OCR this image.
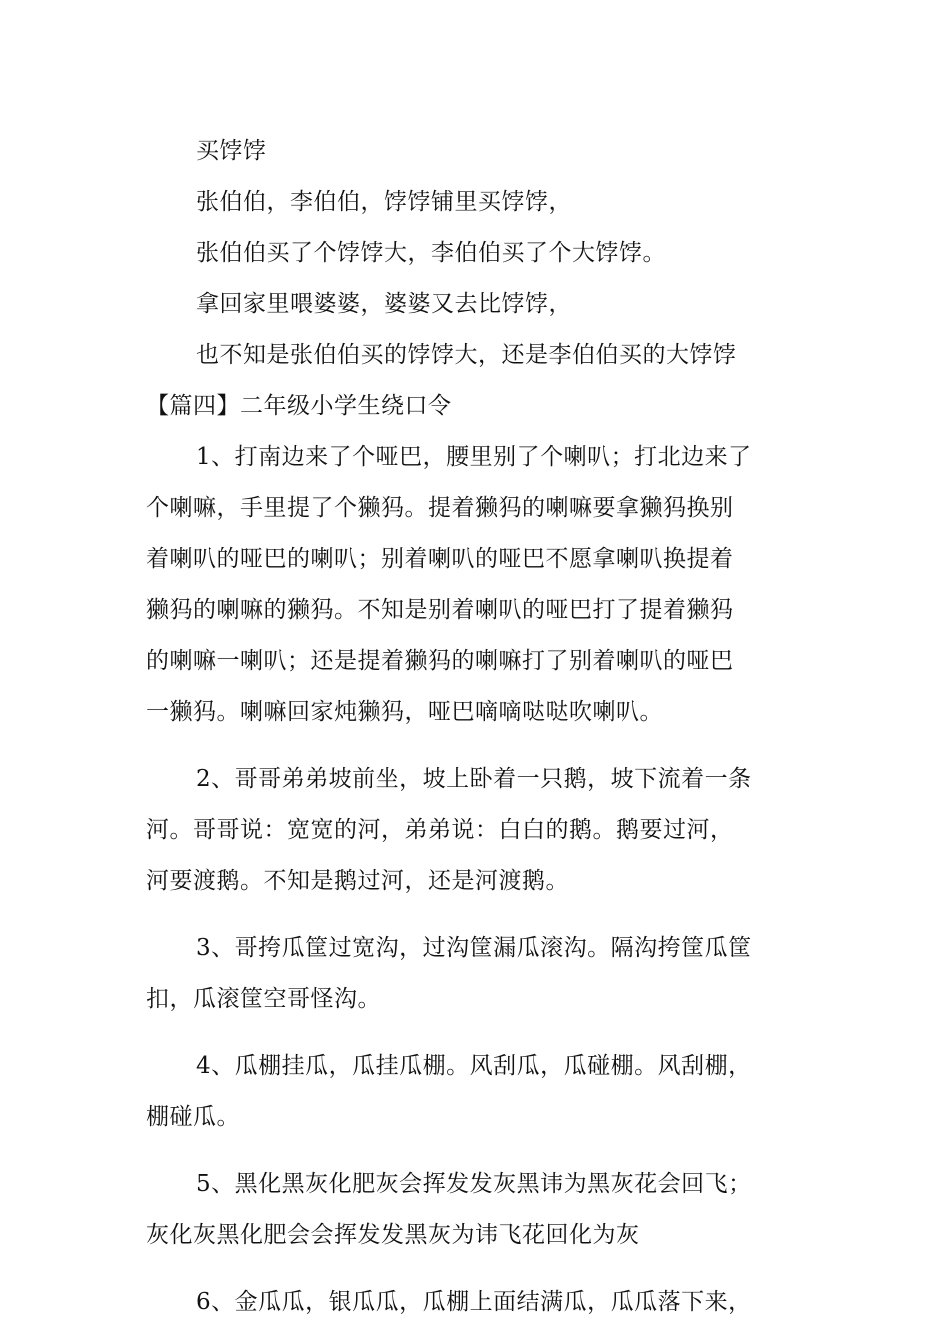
买饽饽
张伯伯，李伯伯，饽饽铺里买饽饽，
张伯伯买了个饽饽大，李伯伯买了个大饽饽。
拿回家里喂婆婆，婆婆又去比饽饽，
也不知是张伯伯买的饽饽大，还是李伯伯买的大饽饽
【篇四】二年级小学生绕口令
1、打南边来了个哑巴，腰里别了个喇叭；打北边来了
个喇嘛，手里提了个獭犸。提着獭犸的喇嘛要拿獭犸换别
着喇叭的哑巴的喇叭；别着喇叭的哑巴不愿拿喇叭换提着
獭犸的喇嘛的獭犸。不知是别着喇叭的哑巴打了提着獭犸
的喇嘛一喇叭；还是提着獭犸的喇嘛打了别着喇叭的哑巴
一獭犸。喇嘛回家炖獭犸，哑巴嘀嘀哒哒吹喇叭。
2、哥哥弟弟坡前坐，坡上卧着一只鹅，坡下流着一条
河。哥哥说：宽宽的河，弟弟说：白白的鹅。鹅要过河，
河要渡鹅。不知是鹅过河，还是河渡鹅。
3、哥挎瓜筐过宽沟，过沟筐漏瓜滚沟。隔沟挎筐瓜筐
扣，瓜滚筐空哥怪沟。
4、瓜棚挂瓜，瓜挂瓜棚。风刮瓜，瓜碰棚。风刮棚，
棚碰瓜。
5、黑化黑灰化肥灰会挥发发灰黑讳为黑灰花会回飞；
灰化灰黑化肥会会挥发发黑灰为讳飞花回化为灰
6、金瓜瓜，银瓜瓜，瓜棚上面结满瓜，瓜瓜落下来，
